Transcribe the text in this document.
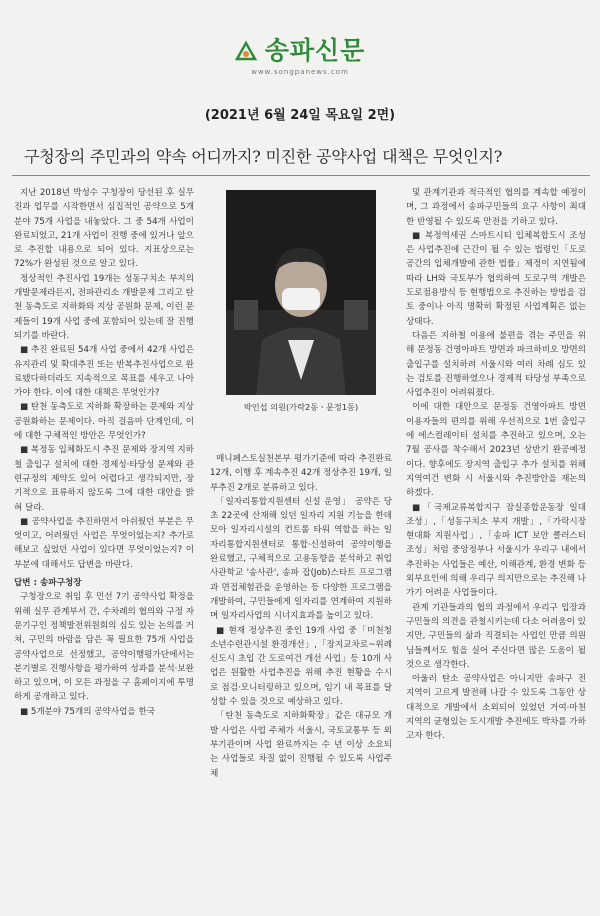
송파신문
www.songpanews.com
(2021년 6월 24일 목요일 2면)
구청장의 주민과의 약속 어디까지? 미진한 공약사업 대책은 무엇인지?

지난 2018년 박성수 구청장이 당선된 후 실무진과 업무를 시작한면서 심집적인 공약으로 5개 분야 75개 사업을 내놓았다. 그 중 54개 사업이 완료되었고, 21개 사업이 진행 중에 있거나 앞으로 추진할 내용으로 되어 있다. 지표상으로는 72%가 완성된 것으로 알고 있다.

정상적인 추진사업 19개는 성동구치소 부지의 개발문제라든지, 전파관리소 개발문제 그리고 탄천 동측도로 지하화와 지상 공원화 문제, 이런 문제들이 19개 사업 중에 포함되어 있는데 잘 진행되기를 바란다.

■ 추진 완료된 54개 사업 중에서 42개 사업은 유지관리 및 확대추진 또는 반복추진사업으로 완료됐다하더라도 지속적으로 목표를 세우고 나아가야 한다. 이에 대한 대책은 무엇인가?

■ 탄천 동측도로 지하화 확장하는 문제와 지상 공원화하는 문제이다. 아직 걸음마 단계인데, 이에 대한 구체적인 방안은 무엇인가?

■ 복정동 입체화도시 추진 문제와 장지역 지하철 출입구 설치에 대한 경제성·타당성 문제와 관련규정의 제약도 있어 어렵다고 생각되지만, 장기적으로 표류하지 않도록 그에 대한 대안을 밝혀 달라.

■ 공약사업을 추진하면서 아쉬웠던 부분은 무엇이고, 어려웠던 사업은 무엇이었는지? 추가로 해보고 싶었던 사업이 있다면 무엇이었는지? 이 부분에 대해서도 답변을 바란다.

답변 : 송파구청장

구청장으로 취임 후 민선 7기 공약사업 확정을 위해 실무 관계부서 간, 수차례의 협의와 구정 자문기구인 정책발전위원회의 심도 있는 논의를 거쳐, 구민의 바람을 담은 꼭 필요한 75개 사업을 공약사업으로 선정했고, 공약이행평가단에서는 분기별로 진행사항을 평가하여 성과를 분석·보완하고 있으며, 이 모든 과정을 구 홈페이지에 투명하게 공개하고 있다.

■ 5개분야 75개의 공약사업을 한국

박인섭 의원(가락2동ㆍ문정1동)

매니페스토실천본부 평가기준에 따라 추진완료 12개, 이행 후 계속추진 42개 정상추진 19개, 일부추진 2개로 분류하고 있다.

「일자리통합지원센터 신설 운영」 공약은 당초 22곳에 산재해 있던 일자리 지원 기능을 한데 모아 일자리시설의 컨트롤 타워 역할을 하는 일자리통합지원센터로 통합·신설하여 공약이행을 완료했고, 구체적으로 고용동향을 분석하고 취업사관학교 '송사관', 송파 잡(Job)스타트 프로그램과 면접체험관을 운영하는 등 다양한 프로그램을 개발하여, 구민들에게 일자리를 연계하여 지원하며 일자리사업의 시너지효과를 높이고 있다.

■ 현재 정상추진 중인 19개 사업 중「미천청소년수련관시설 환경개선」,「장지교차로~위례신도시 초입 간 도로여건 개선 사업」등 10개 사업은 원활한 사업추진을 위해 추진 현황을 수시로 점검·모니터링하고 있으며, 임기 내 목표를 달성할 수 있을 것으로 예상하고 있다.

「탄천 동측도로 지하화확장」같은 대규모 개발 사업은 사업 주체가 서울시, 국토교통부 등 외부기관이며 사업 완료까지는 수 년 이상 소요되는 사업들로 차질 없이 진행될 수 있도록 사업주체

및 관계기관과 적극적인 협의를 계속할 예정이며, 그 과정에서 송파구민들의 요구 사항이 최대한 반영될 수 있도록 만전을 기하고 있다.

■ 복정역세권 스마트시티 입체복합도시 조성은 사업추진에 근간이 될 수 있는 법령인「도로공간의 입체개발에 관한 법률」제정이 지연됨에 따라 LH와 국토부가 협의하여 도로구역 개발은 도로점용방식 등 현행법으로 추진하는 방법을 검토 중이나 아직 명확히 확정된 사업계획은 없는 상태다.

다음은 지하철 이용에 불편을 겪는 주민을 위해 문정동 건영아파트 방면과 파크하비오 방면의 출입구를 설치하려 서울시와 여러 차례 심도 있는 검토를 진행하였으나 경제적 타당성 부족으로 사업추진이 어려워졌다.

이에 대한 대안으로 문정동 건영아파트 방면 이용자들의 편의를 위해 우선적으로 1번 출입구에 에스컬레이터 설치를 추진하고 있으며, 오는 7월 공사를 착수해서 2023년 상반기 완공예정이다. 향후에도 장지역 출입구 추가 설치를 위해 지역여건 변화 시 서울시와 추진방안을 재논의 하겠다.

■「국제교류복합지구 잠실종합운동장 일대 조성」,「성동구치소 부지 개발」,「가락시장 현대화 지원사업」,「송파 ICT 보안 클러스터 조성」처럼 중앙정부나 서울시가 우리구 내에서 추진하는 사업들은 예산, 이해관계, 환경 변화 등 외부요인에 의해 우리구 의지만으로는 추진해 나가기 어려운 사업들이다.

관계 기관들과의 협의 과정에서 우리구 입장과 구민들의 의견을 관철시키는데 다소 어려움이 있지만, 구민들의 삶과 직결되는 사업인 만큼 의원님들께서도 힘을 실어 주신다면 많은 도움이 될 것으로 생각한다.

아울러 탄소 공약사업은 아니지만 송파구 전 지역이 고르게 발전해 나갈 수 있도록 그동안 상대적으로 개발에서 소외되어 있었던 거여·마천 지역의 균형있는 도시개발 추진에도 박차를 가하고자 한다.
